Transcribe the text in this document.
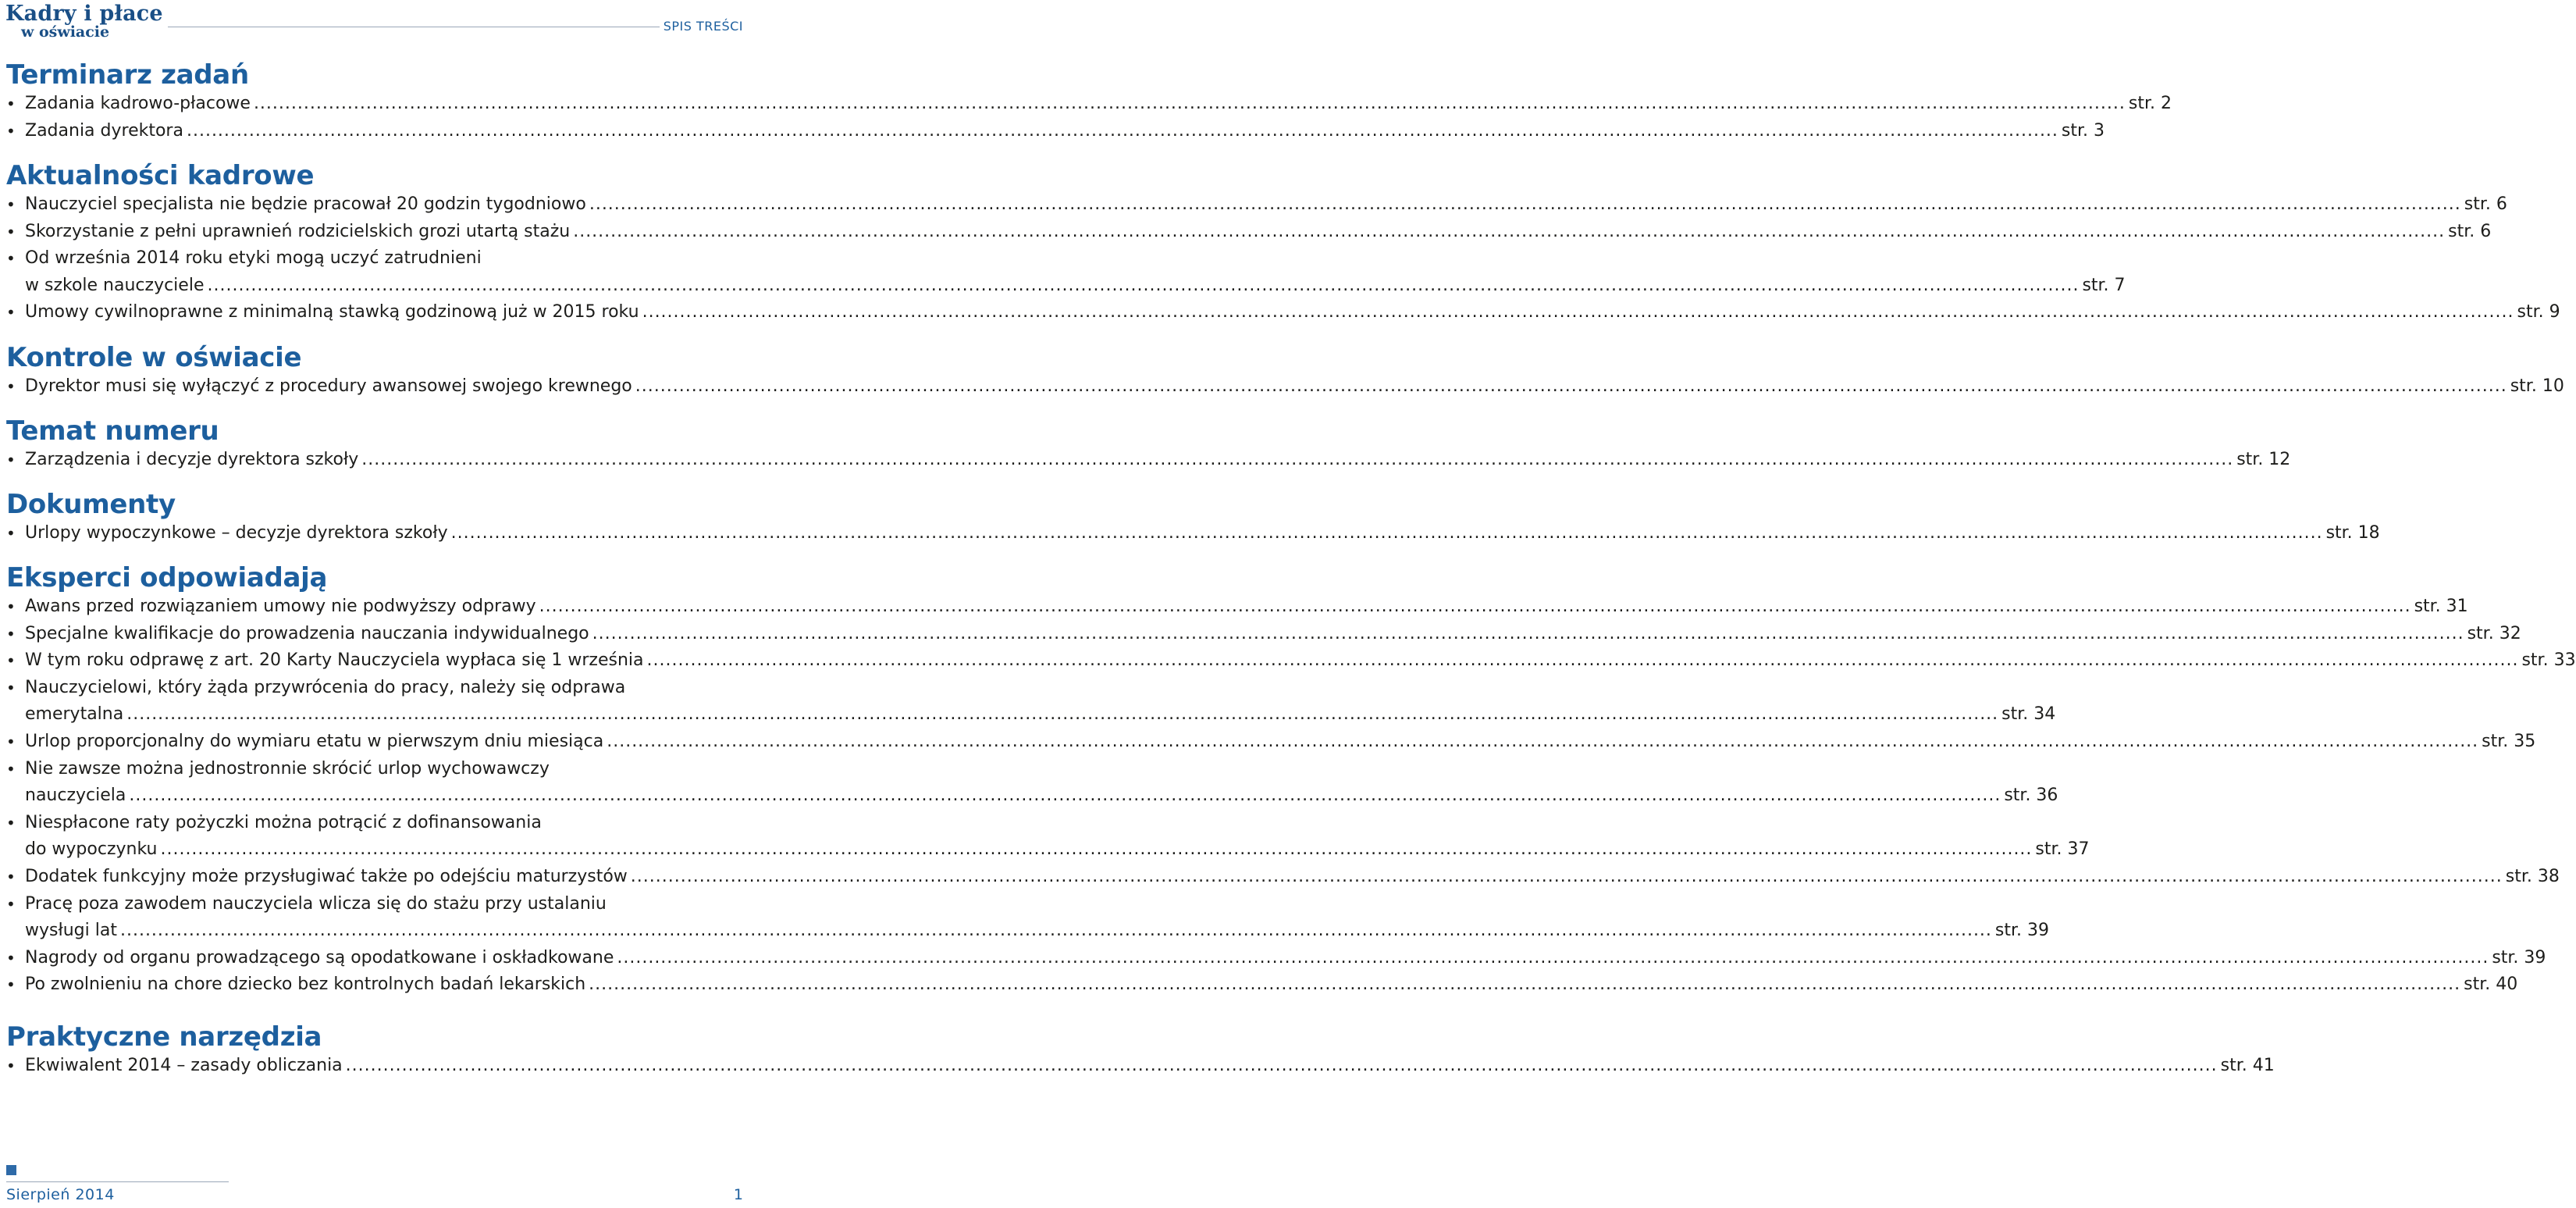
Kadry i płace
w oświacie	SPIS TREŚCI
Terminarz zadań
• Zadania kadrowo-płacowe ............................................................................................................................................................................................................................................................................................................ str. 2
• Zadania dyrektora ............................................................................................................................................................................................................................................................................................................ str. 3
Aktualności kadrowe
• Nauczyciel specjalista nie będzie pracował 20 godzin tygodniowo ............................................................................................................................................................................................................................................................................................................ str. 6
• Skorzystanie z pełni uprawnień rodzicielskich grozi utartą stażu ............................................................................................................................................................................................................................................................................................................ str. 6
• Od września 2014 roku etyki mogą uczyć zatrudnieni
w szkole nauczyciele ............................................................................................................................................................................................................................................................................................................ str. 7
• Umowy cywilnoprawne z minimalną stawką godzinową już w 2015 roku ............................................................................................................................................................................................................................................................................................................ str. 9
Kontrole w oświacie
• Dyrektor musi się wyłączyć z procedury awansowej swojego krewnego ............................................................................................................................................................................................................................................................................................................ str. 10
Temat numeru
• Zarządzenia i decyzje dyrektora szkoły ............................................................................................................................................................................................................................................................................................................ str. 12
Dokumenty
• Urlopy wypoczynkowe – decyzje dyrektora szkoły ............................................................................................................................................................................................................................................................................................................ str. 18
Eksperci odpowiadają
• Awans przed rozwiązaniem umowy nie podwyższy odprawy ............................................................................................................................................................................................................................................................................................................ str. 31
• Specjalne kwalifikacje do prowadzenia nauczania indywidualnego ............................................................................................................................................................................................................................................................................................................ str. 32
• W tym roku odprawę z art. 20 Karty Nauczyciela wypłaca się 1 września ............................................................................................................................................................................................................................................................................................................ str. 33
• Nauczycielowi, który żąda przywrócenia do pracy, należy się odprawa
emerytalna ............................................................................................................................................................................................................................................................................................................ str. 34
• Urlop proporcjonalny do wymiaru etatu w pierwszym dniu miesiąca ............................................................................................................................................................................................................................................................................................................ str. 35
• Nie zawsze można jednostronnie skrócić urlop wychowawczy
nauczyciela ............................................................................................................................................................................................................................................................................................................ str. 36
• Niespłacone raty pożyczki można potrącić z dofinansowania
do wypoczynku ............................................................................................................................................................................................................................................................................................................ str. 37
• Dodatek funkcyjny może przysługiwać także po odejściu maturzystów ............................................................................................................................................................................................................................................................................................................ str. 38
• Pracę poza zawodem nauczyciela wlicza się do stażu przy ustalaniu
wysługi lat ............................................................................................................................................................................................................................................................................................................ str. 39
• Nagrody od organu prowadzącego są opodatkowane i oskładkowane ............................................................................................................................................................................................................................................................................................................ str. 39
• Po zwolnieniu na chore dziecko bez kontrolnych badań lekarskich ............................................................................................................................................................................................................................................................................................................ str. 40
Praktyczne narzędzia
• Ekwiwalent 2014 – zasady obliczania ............................................................................................................................................................................................................................................................................................................ str. 41
Sierpień 2014	1
